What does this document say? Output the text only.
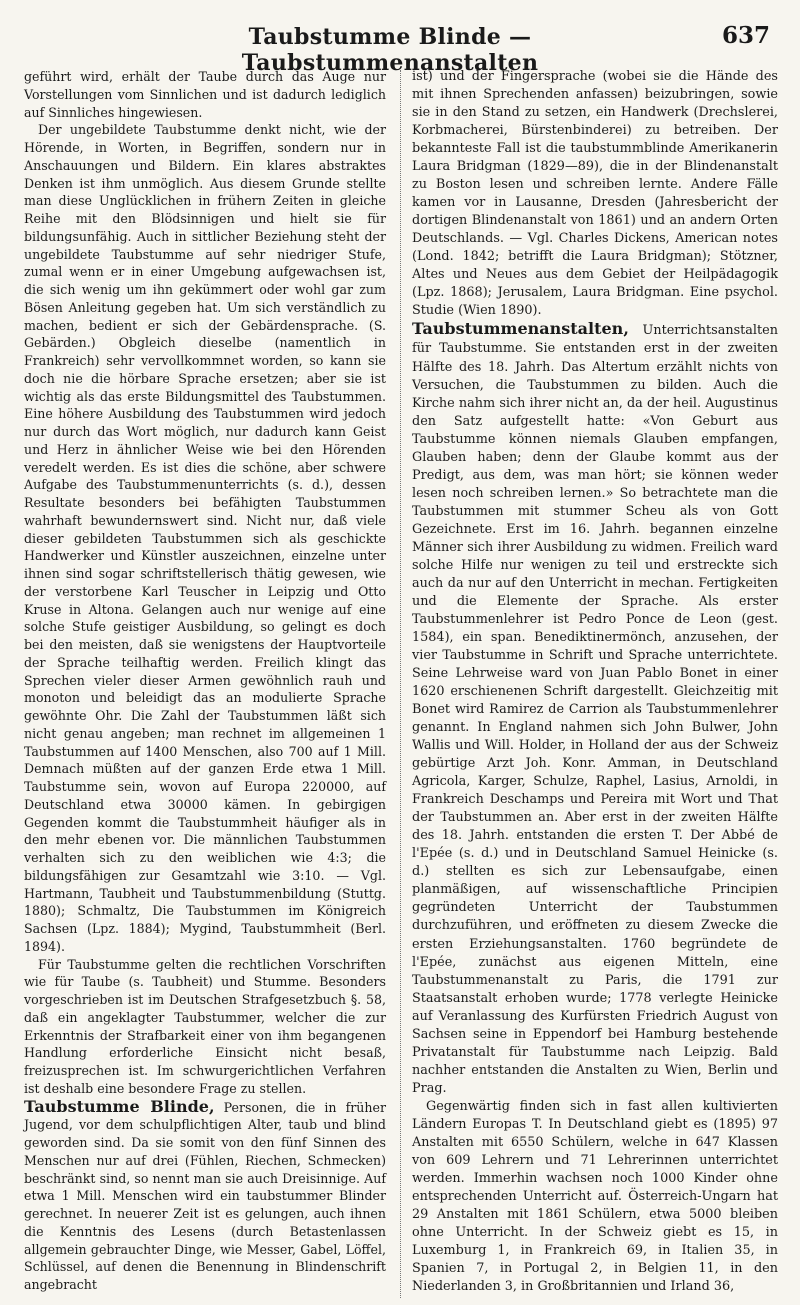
Taubstumme Blinde — Taubstummenanstalten
637

geführt wird, erhält der Taube durch das Auge nur Vorstellungen vom Sinnlichen und ist dadurch lediglich auf Sinnliches hingewiesen.

Der ungebildete Taubstumme denkt nicht, wie der Hörende, in Worten, in Begriffen, sondern nur in Anschauungen und Bildern. Ein klares abstraktes Denken ist ihm unmöglich. Aus diesem Grunde stellte man diese Unglücklichen in frühern Zeiten in gleiche Reihe mit den Blödsinnigen und hielt sie für bildungsunfähig. Auch in sittlicher Beziehung steht der ungebildete Taubstumme auf sehr niedriger Stufe, zumal wenn er in einer Umgebung aufgewachsen ist, die sich wenig um ihn gekümmert oder wohl gar zum Bösen Anleitung gegeben hat. Um sich verständlich zu machen, bedient er sich der Gebärdensprache. (S. Gebärden.) Obgleich dieselbe (namentlich in Frankreich) sehr vervollkommnet worden, so kann sie doch nie die hörbare Sprache ersetzen; aber sie ist wichtig als das erste Bildungsmittel des Taubstummen. Eine höhere Ausbildung des Taubstummen wird jedoch nur durch das Wort möglich, nur dadurch kann Geist und Herz in ähnlicher Weise wie bei den Hörenden veredelt werden. Es ist dies die schöne, aber schwere Aufgabe des Taubstummenunterrichts (s. d.), dessen Resultate besonders bei befähigten Taubstummen wahrhaft bewundernswert sind. Nicht nur, daß viele dieser gebildeten Taubstummen sich als geschickte Handwerker und Künstler auszeichnen, einzelne unter ihnen sind sogar schriftstellerisch thätig gewesen, wie der verstorbene Karl Teuscher in Leipzig und Otto Kruse in Altona. Gelangen auch nur wenige auf eine solche Stufe geistiger Ausbildung, so gelingt es doch bei den meisten, daß sie wenigstens der Hauptvorteile der Sprache teilhaftig werden. Freilich klingt das Sprechen vieler dieser Armen gewöhnlich rauh und monoton und beleidigt das an modulierte Sprache gewöhnte Ohr. Die Zahl der Taubstummen läßt sich nicht genau angeben; man rechnet im allgemeinen 1 Taubstummen auf 1400 Menschen, also 700 auf 1 Mill. Demnach müßten auf der ganzen Erde etwa 1 Mill. Taubstumme sein, wovon auf Europa 220000, auf Deutschland etwa 30000 kämen. In gebirgigen Gegenden kommt die Taubstummheit häufiger als in den mehr ebenen vor. Die männlichen Taubstummen verhalten sich zu den weiblichen wie 4:3; die bildungsfähigen zur Gesamtzahl wie 3:10. — Vgl. Hartmann, Taubheit und Taubstummenbildung (Stuttg. 1880); Schmaltz, Die Taubstummen im Königreich Sachsen (Lpz. 1884); Mygind, Taubstummheit (Berl. 1894).

Für Taubstumme gelten die rechtlichen Vorschriften wie für Taube (s. Taubheit) und Stumme. Besonders vorgeschrieben ist im Deutschen Strafgesetzbuch §. 58, daß ein angeklagter Taubstummer, welcher die zur Erkenntnis der Strafbarkeit einer von ihm begangenen Handlung erforderliche Einsicht nicht besaß, freizusprechen ist. Im schwurgerichtlichen Verfahren ist deshalb eine besondere Frage zu stellen.

Taubstumme Blinde, Personen, die in früher Jugend, vor dem schulpflichtigen Alter, taub und blind geworden sind. Da sie somit von den fünf Sinnen des Menschen nur auf drei (Fühlen, Riechen, Schmecken) beschränkt sind, so nennt man sie auch Dreisinnige. Auf etwa 1 Mill. Menschen wird ein taubstummer Blinder gerechnet. In neuerer Zeit ist es gelungen, auch ihnen die Kenntnis des Lesens (durch Betastenlassen allgemein gebrauchter Dinge, wie Messer, Gabel, Löffel, Schlüssel, auf denen die Benennung in Blindenschrift angebracht

ist) und der Fingersprache (wobei sie die Hände des mit ihnen Sprechenden anfassen) beizubringen, sowie sie in den Stand zu setzen, ein Handwerk (Drechslerei, Korbmacherei, Bürstenbinderei) zu betreiben. Der bekannteste Fall ist die taubstummblinde Amerikanerin Laura Bridgman (1829—89), die in der Blindenanstalt zu Boston lesen und schreiben lernte. Andere Fälle kamen vor in Lausanne, Dresden (Jahresbericht der dortigen Blindenanstalt von 1861) und an andern Orten Deutschlands. — Vgl. Charles Dickens, American notes (Lond. 1842; betrifft die Laura Bridgman); Stötzner, Altes und Neues aus dem Gebiet der Heilpädagogik (Lpz. 1868); Jerusalem, Laura Bridgman. Eine psychol. Studie (Wien 1890).

Taubstummenanstalten, Unterrichtsanstalten für Taubstumme. Sie entstanden erst in der zweiten Hälfte des 18. Jahrh. Das Altertum erzählt nichts von Versuchen, die Taubstummen zu bilden. Auch die Kirche nahm sich ihrer nicht an, da der heil. Augustinus den Satz aufgestellt hatte: «Von Geburt aus Taubstumme können niemals Glauben empfangen, Glauben haben; denn der Glaube kommt aus der Predigt, aus dem, was man hört; sie können weder lesen noch schreiben lernen.» So betrachtete man die Taubstummen mit stummer Scheu als von Gott Gezeichnete. Erst im 16. Jahrh. begannen einzelne Männer sich ihrer Ausbildung zu widmen. Freilich ward solche Hilfe nur wenigen zu teil und erstreckte sich auch da nur auf den Unterricht in mechan. Fertigkeiten und die Elemente der Sprache. Als erster Taubstummenlehrer ist Pedro Ponce de Leon (gest. 1584), ein span. Benediktinermönch, anzusehen, der vier Taubstumme in Schrift und Sprache unterrichtete. Seine Lehrweise ward von Juan Pablo Bonet in einer 1620 erschienenen Schrift dargestellt. Gleichzeitig mit Bonet wird Ramirez de Carrion als Taubstummenlehrer genannt. In England nahmen sich John Bulwer, John Wallis und Will. Holder, in Holland der aus der Schweiz gebürtige Arzt Joh. Konr. Amman, in Deutschland Agricola, Karger, Schulze, Raphel, Lasius, Arnoldi, in Frankreich Deschamps und Pereira mit Wort und That der Taubstummen an. Aber erst in der zweiten Hälfte des 18. Jahrh. entstanden die ersten T. Der Abbé de l'Epée (s. d.) und in Deutschland Samuel Heinicke (s. d.) stellten es sich zur Lebensaufgabe, einen planmäßigen, auf wissenschaftliche Principien gegründeten Unterricht der Taubstummen durchzuführen, und eröffneten zu diesem Zwecke die ersten Erziehungsanstalten. 1760 begründete de l'Epée, zunächst aus eigenen Mitteln, eine Taubstummenanstalt zu Paris, die 1791 zur Staatsanstalt erhoben wurde; 1778 verlegte Heinicke auf Veranlassung des Kurfürsten Friedrich August von Sachsen seine in Eppendorf bei Hamburg bestehende Privatanstalt für Taubstumme nach Leipzig. Bald nachher entstanden die Anstalten zu Wien, Berlin und Prag.

Gegenwärtig finden sich in fast allen kultivierten Ländern Europas T. In Deutschland giebt es (1895) 97 Anstalten mit 6550 Schülern, welche in 647 Klassen von 609 Lehrern und 71 Lehrerinnen unterrichtet werden. Immerhin wachsen noch 1000 Kinder ohne entsprechenden Unterricht auf. Österreich-Ungarn hat 29 Anstalten mit 1861 Schülern, etwa 5000 bleiben ohne Unterricht. In der Schweiz giebt es 15, in Luxemburg 1, in Frankreich 69, in Italien 35, in Spanien 7, in Portugal 2, in Belgien 11, in den Niederlanden 3, in Großbritannien und Irland 36,
